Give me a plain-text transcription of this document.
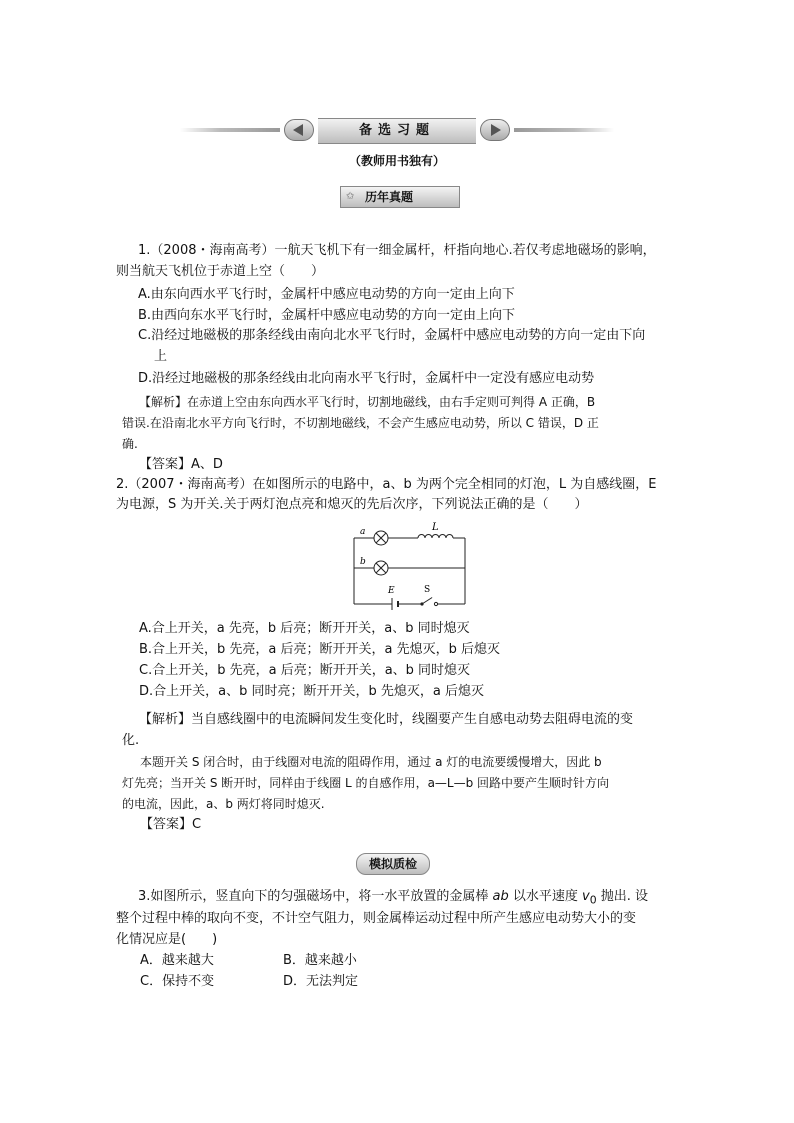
备选习题
（教师用书独有）
✩ 历年真题
1.（2008・海南高考）一航天飞机下有一细金属杆，杆指向地心.若仅考虑地磁场的影响，
则当航天飞机位于赤道上空（　　）
A.由东向西水平飞行时，金属杆中感应电动势的方向一定由上向下
B.由西向东水平飞行时，金属杆中感应电动势的方向一定由上向下
C.沿经过地磁极的那条经线由南向北水平飞行时，金属杆中感应电动势的方向一定由下向
上
D.沿经过地磁极的那条经线由北向南水平飞行时，金属杆中一定没有感应电动势
【解析】在赤道上空由东向西水平飞行时，切割地磁线，由右手定则可判得 A 正确，B
错误.在沿南北水平方向飞行时，不切割地磁线，不会产生感应电动势，所以 C 错误，D 正
确.
【答案】A、D
2.（2007・海南高考）在如图所示的电路中，a、b 为两个完全相同的灯泡，L 为自感线圈，E
为电源，S 为开关.关于两灯泡点亮和熄灭的先后次序，下列说法正确的是（　　）
a
b
L
E	S
A.合上开关，a 先亮，b 后亮；断开开关，a、b 同时熄灭
B.合上开关，b 先亮，a 后亮；断开开关，a 先熄灭，b 后熄灭
C.合上开关，b 先亮，a 后亮；断开开关，a、b 同时熄灭
D.合上开关，a、b 同时亮；断开开关，b 先熄灭，a 后熄灭
【解析】当自感线圈中的电流瞬间发生变化时，线圈要产生自感电动势去阻碍电流的变
化.
本题开关 S 闭合时，由于线圈对电流的阻碍作用，通过 a 灯的电流要缓慢增大，因此 b
灯先亮；当开关 S 断开时，同样由于线圈 L 的自感作用，a—L—b 回路中要产生顺时针方向
的电流，因此，a、b 两灯将同时熄灭.
【答案】C
模拟质检
3.如图所示，竖直向下的匀强磁场中，将一水平放置的金属棒 ab 以水平速度 $v_0$ 抛出. 设
整个过程中棒的取向不变，不计空气阻力，则金属棒运动过程中所产生感应电动势大小的变
化情况应是(　　)
A．越来越大	B．越来越小
C．保持不变	D．无法判定
